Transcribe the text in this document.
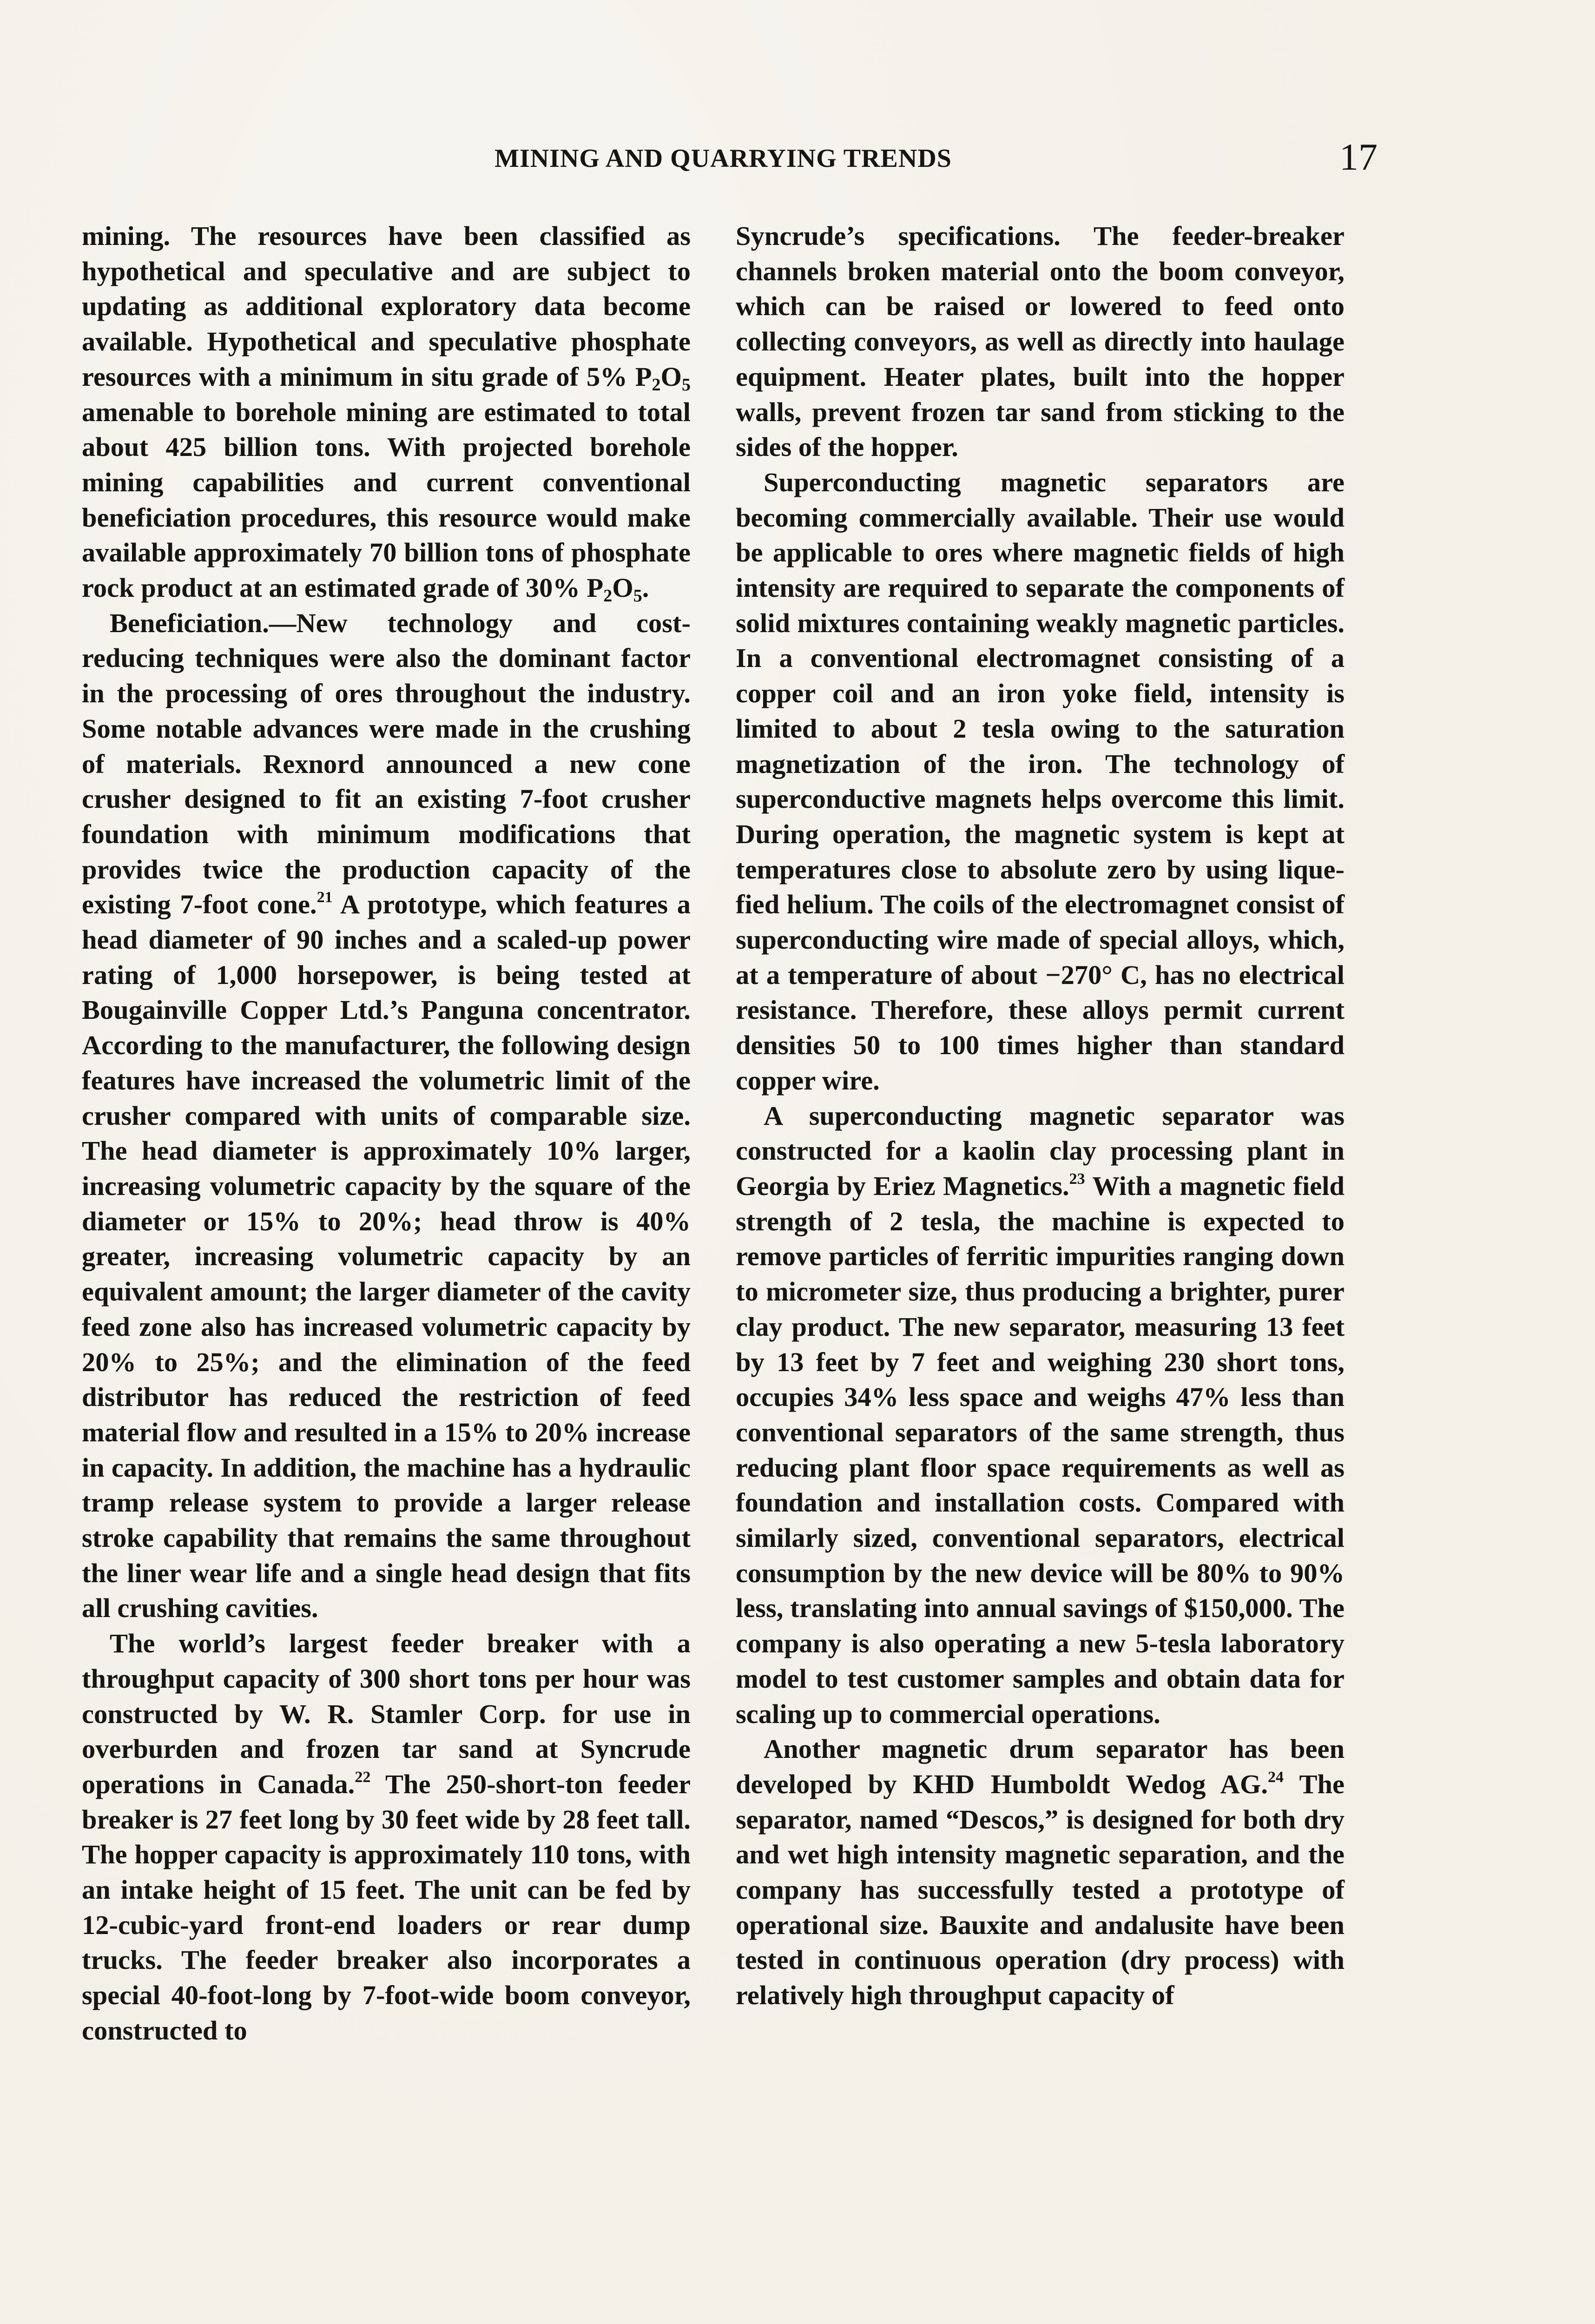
MINING AND QUARRYING TRENDS	17

mining. The resources have been classified as hypothetical and speculative and are subject to updating as additional exploratory data become available. Hypothetical and speculative phosphate resources with a minimum in situ grade of 5% $P_2O_5$ amenable to borehole mining are estimated to total about 425 billion tons. With projected borehole mining capabilities and current conventional beneficiation procedures, this resource would make available approximately 70 billion tons of phosphate rock product at an estimated grade of 30% $P_2O_5$.

Beneficiation.—New technology and cost-reducing techniques were also the dominant factor in the processing of ores throughout the industry. Some notable advances were made in the crushing of materials. Rexnord announced a new cone crusher designed to fit an existing 7-foot crusher foundation with minimum modifications that provides twice the production capacity of the existing 7-foot cone.$^{21}$ A prototype, which features a head diameter of 90 inches and a scaled-up power rating of 1,000 horsepower, is being tested at Bougainville Copper Ltd.’s Panguna concentrator. According to the manufacturer, the following design features have increased the volumetric limit of the crusher compared with units of comparable size. The head diameter is approximately 10% larger, increasing volumetric capacity by the square of the diameter or 15% to 20%; head throw is 40% greater, increasing volumetric capacity by an equivalent amount; the larger diameter of the cavity feed zone also has increased volumetric capacity by 20% to 25%; and the elimination of the feed distributor has reduced the restriction of feed material flow and resulted in a 15% to 20% increase in capacity. In addition, the machine has a hydraulic tramp release system to provide a larger release stroke capability that remains the same throughout the liner wear life and a single head design that fits all crushing cavities.

The world’s largest feeder breaker with a throughput capacity of 300 short tons per hour was constructed by W. R. Stamler Corp. for use in overburden and frozen tar sand at Syncrude operations in Canada.$^{22}$ The 250-short-ton feeder breaker is 27 feet long by 30 feet wide by 28 feet tall. The hopper capacity is approximately 110 tons, with an intake height of 15 feet. The unit can be fed by 12-cubic-yard front-end loaders or rear dump trucks. The feeder breaker also incorporates a special 40-foot-long by 7-foot-wide boom conveyor, constructed to

Syncrude’s specifications. The feeder-breaker channels broken material onto the boom conveyor, which can be raised or lowered to feed onto collecting conveyors, as well as directly into haulage equipment. Heater plates, built into the hopper walls, prevent frozen tar sand from sticking to the sides of the hopper.

Superconducting magnetic separators are becoming commercially available. Their use would be applicable to ores where magnetic fields of high intensity are required to separate the components of solid mixtures containing weakly magnetic particles. In a conventional electromagnet consisting of a copper coil and an iron yoke field, intensity is limited to about 2 tesla owing to the saturation magnetization of the iron. The technology of superconductive magnets helps overcome this limit. During operation, the magnetic system is kept at temperatures close to absolute zero by using liquefied helium. The coils of the electromagnet consist of superconducting wire made of special alloys, which, at a temperature of about −270° C, has no electrical resistance. Therefore, these alloys permit current densities 50 to 100 times higher than standard copper wire.

A superconducting magnetic separator was constructed for a kaolin clay processing plant in Georgia by Eriez Magnetics.$^{23}$ With a magnetic field strength of 2 tesla, the machine is expected to remove particles of ferritic impurities ranging down to micrometer size, thus producing a brighter, purer clay product. The new separator, measuring 13 feet by 13 feet by 7 feet and weighing 230 short tons, occupies 34% less space and weighs 47% less than conventional separators of the same strength, thus reducing plant floor space requirements as well as foundation and installation costs. Compared with similarly sized, conventional separators, electrical consumption by the new device will be 80% to 90% less, translating into annual savings of $150,000. The company is also operating a new 5-tesla laboratory model to test customer samples and obtain data for scaling up to commercial operations.

Another magnetic drum separator has been developed by KHD Humboldt Wedog AG.$^{24}$ The separator, named “Descos,” is designed for both dry and wet high intensity magnetic separation, and the company has successfully tested a prototype of operational size. Bauxite and andalusite have been tested in continuous operation (dry process) with relatively high throughput capacity of
